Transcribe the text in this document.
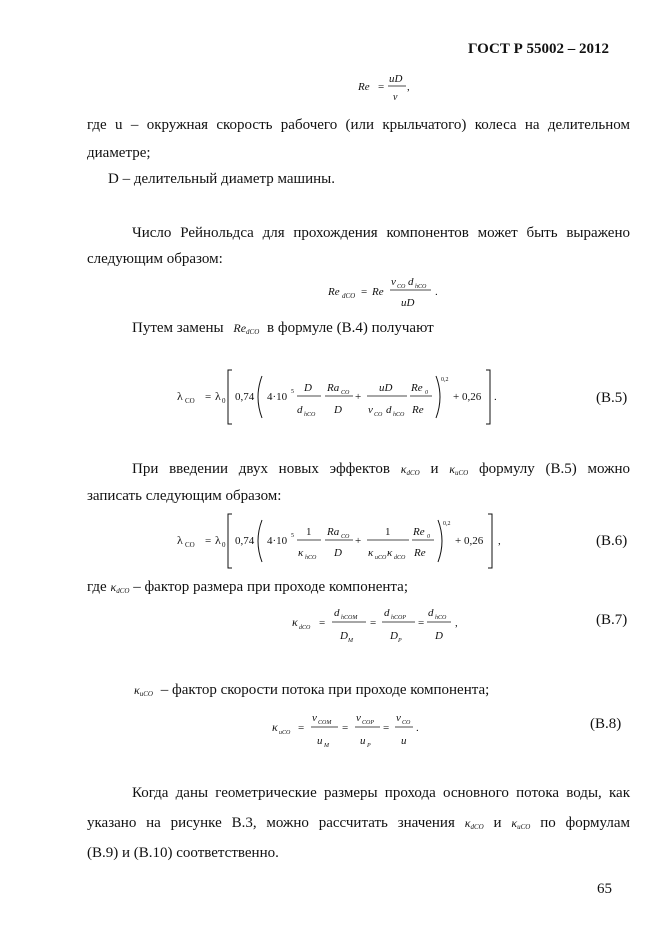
ГОСТ Р 55002 – 2012
Re =
uD
ν
,
где u – окружная скорость рабочего (или крыльчатого) колеса на делительном
диаметре;
D – делительный диаметр машины.
Число Рейнольдса для прохождения компонентов может быть выражено
следующим образом:
Re dCO = Re
v CO d hCO
uD
.
Путем замены $Re_{dCO}$ в формуле (В.4) получают
λ CO = λ 0 0,74 4·10 5 D
d hCO
Ra CO
D
+
uD
v CO d hCO
Re 0
Re
0,2
+ 0,26 .	(В.5)
При введении двух новых эффектов $\kappa_{dCO}$ и $\kappa_{uCO}$ формулу (В.5) можно
записать следующим образом:
λ CO = λ 0 0,74 4·10 5 1
κ hCO
Ra CO
D
+
1
κ uCO κ dCO
Re 0
Re
0,2
+ 0,26 ,	(В.6)
где $\kappa_{dCO}$ – фактор размера при проходе компонента;
κ dCO =
d hCOM
D M
=
d hCOP
D P
=
d hCO
D
,	(В.7)
$\kappa_{uCO}$ – фактор скорости потока при проходе компонента;
κ uCO =
v COM
u M
=
v COP
u P
=
v CO
u
.	(В.8)
Когда даны геометрические размеры прохода основного потока воды, как
указано на рисунке В.3, можно рассчитать значения $\kappa_{dCO}$ и $\kappa_{uCO}$ по формулам
(В.9) и (В.10) соответственно.
65
